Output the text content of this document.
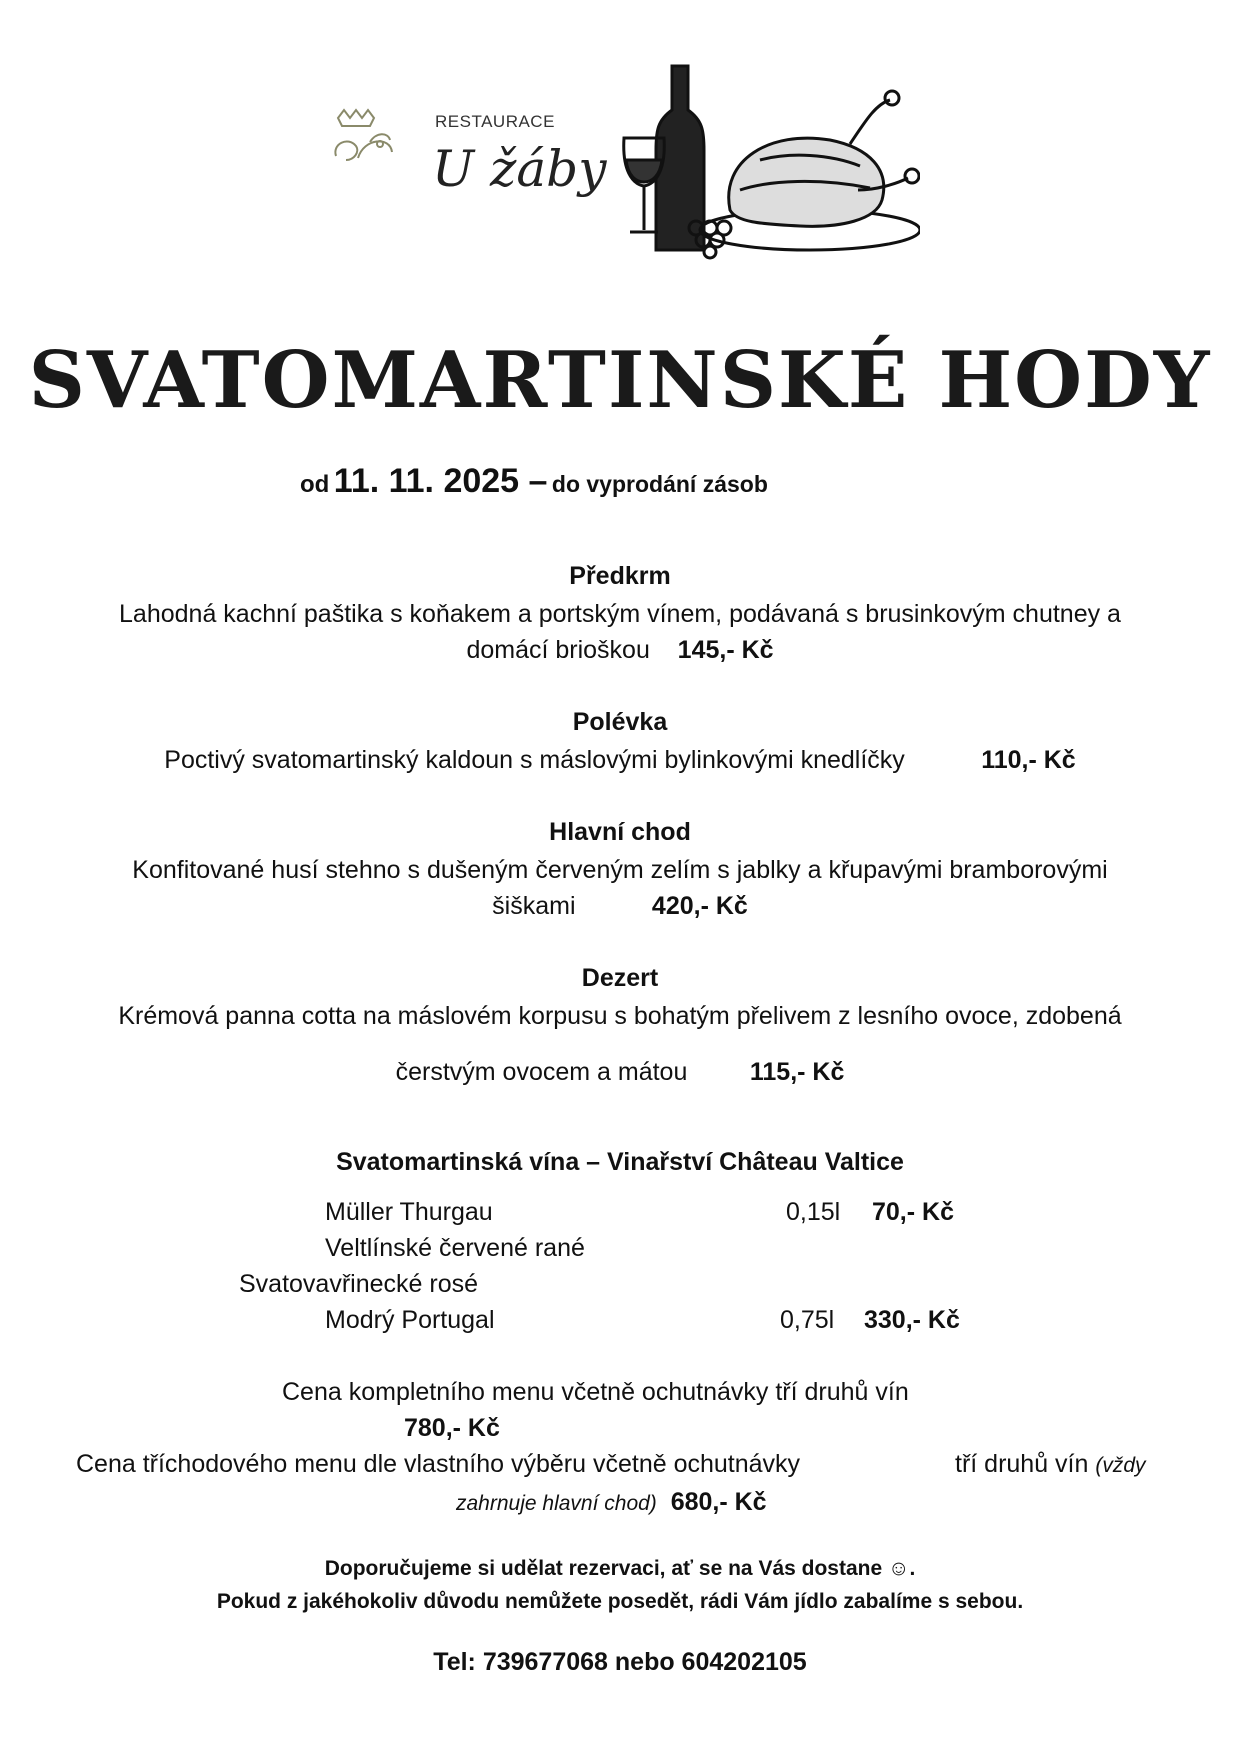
RESTAURACE
U žáby
SVATOMARTINSKÉ HODY
od 11. 11. 2025 – do vyprodání zásob
Předkrm
Lahodná kachní paštika s koňakem a portským vínem, podávaná s brusinkovým chutney a
domácí brioškou 145,- Kč
Polévka
Poctivý svatomartinský kaldoun s máslovými bylinkovými knedlíčky	110,- Kč
Hlavní chod
Konfitované husí stehno s dušeným červeným zelím s jablky a křupavými bramborovými
šiškami	420,- Kč
Dezert
Krémová panna cotta na máslovém korpusu s bohatým přelivem z lesního ovoce, zdobená
čerstvým ovocem a mátou	115,- Kč
Svatomartinská vína – Vinařství Château Valtice
Müller Thurgau	0,15l 70,- Kč
Veltlínské červené rané
Svatovavřinecké rosé
Modrý Portugal	0,75l 330,- Kč
Cena kompletního menu včetně ochutnávky tří druhů vín
780,- Kč
Cena tříchodového menu dle vlastního výběru včetně ochutnávky	tří druhů vín (vždy
zahrnuje hlavní chod) 680,- Kč
Doporučujeme si udělat rezervaci, ať se na Vás dostane ☺.
Pokud z jakéhokoliv důvodu nemůžete posedět, rádi Vám jídlo zabalíme s sebou.
Tel: 739677068 nebo 604202105
